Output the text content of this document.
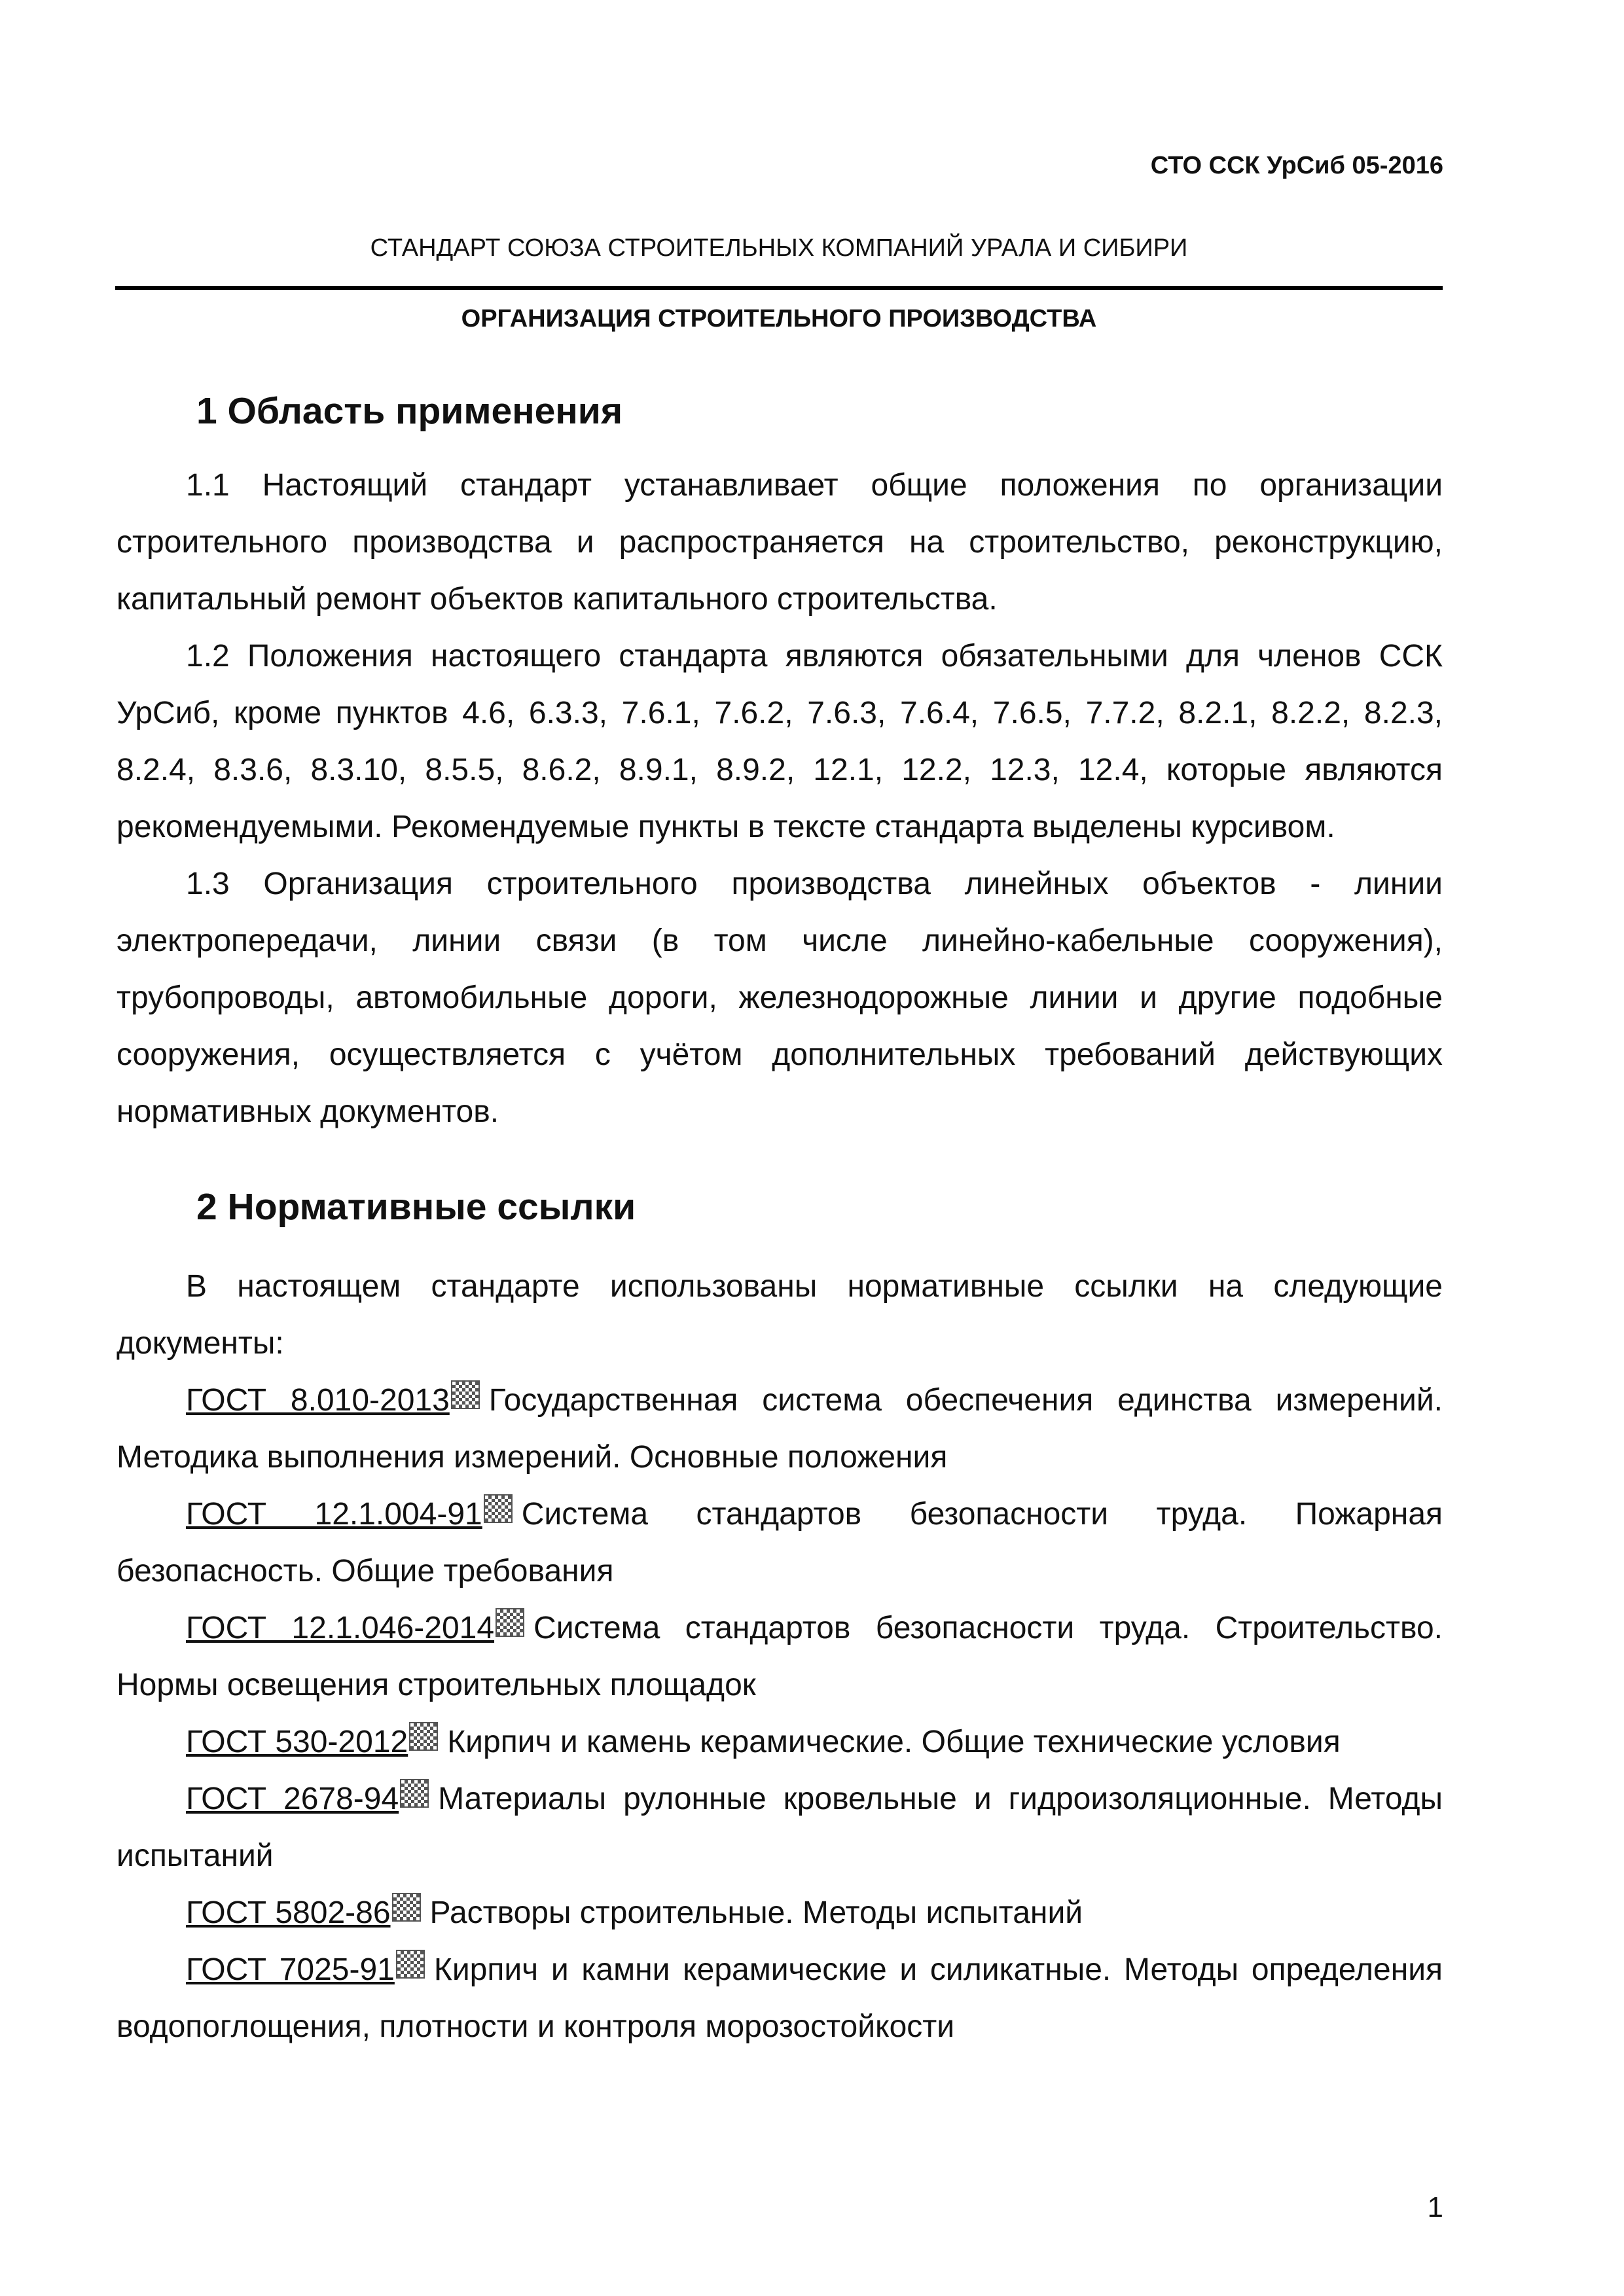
СТО ССК УрСиб 05-2016
СТАНДАРТ СОЮЗА СТРОИТЕЛЬНЫХ КОМПАНИЙ УРАЛА И СИБИРИ
ОРГАНИЗАЦИЯ СТРОИТЕЛЬНОГО ПРОИЗВОДСТВА
1 Область применения

1.1 Настоящий стандарт устанавливает общие положения по организации строительного производства и распространяется на строительство, реконструкцию, капитальный ремонт объектов капитального строительства.

1.2 Положения настоящего стандарта являются обязательными для членов ССК УрСиб, кроме пунктов 4.6, 6.3.3, 7.6.1, 7.6.2, 7.6.3, 7.6.4, 7.6.5, 7.7.2, 8.2.1, 8.2.2, 8.2.3, 8.2.4, 8.3.6, 8.3.10, 8.5.5, 8.6.2, 8.9.1, 8.9.2, 12.1, 12.2, 12.3, 12.4, которые являются рекомендуемыми. Рекомендуемые пункты в тексте стандарта выделены курсивом.

1.3 Организация строительного производства линейных объектов - линии электропередачи, линии связи (в том числе линейно-кабельные сооружения), трубопроводы, автомобильные дороги, железнодорожные линии и другие подобные сооружения, осуществляется с учётом дополнительных требований действующих нормативных документов.

2 Нормативные ссылки

В настоящем стандарте использованы нормативные ссылки на следующие документы:

ГОСТ 8.010-2013 Государственная система обеспечения единства измерений. Методика выполнения измерений. Основные положения

ГОСТ 12.1.004-91 Система стандартов безопасности труда. Пожарная безопасность. Общие требования

ГОСТ 12.1.046-2014 Система стандартов безопасности труда. Строительство. Нормы освещения строительных площадок

ГОСТ 530-2012 Кирпич и камень керамические. Общие технические условия

ГОСТ 2678-94 Материалы рулонные кровельные и гидроизоляционные. Методы испытаний

ГОСТ 5802-86 Растворы строительные. Методы испытаний

ГОСТ 7025-91 Кирпич и камни керамические и силикатные. Методы определения водопоглощения, плотности и контроля морозостойкости

1
